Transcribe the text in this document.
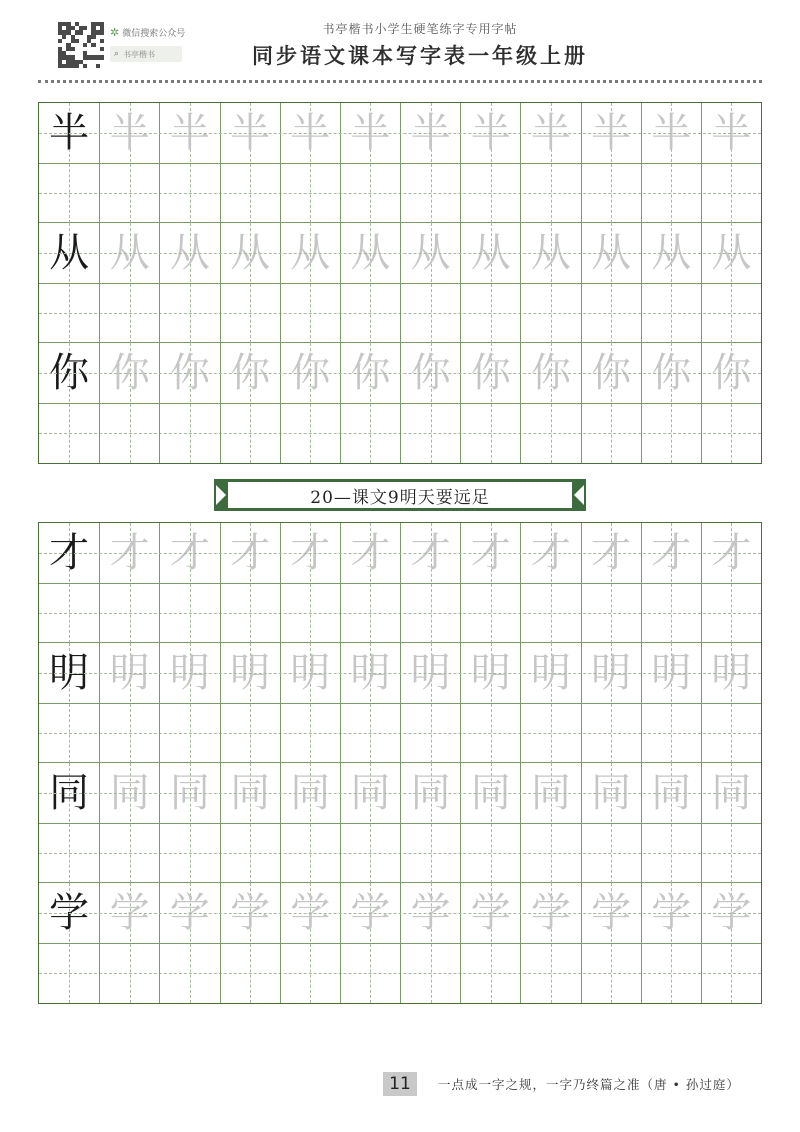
✲ 微信搜索公众号
⌕ 书亭楷书
书亭楷书小学生硬笔练字专用字帖
同步语文课本写字表一年级上册
半 半 半 半 半 半 半 半 半 半 半 半
从 从 从 从 从 从 从 从 从 从 从 从
你 你 你 你 你 你 你 你 你 你 你 你
20—课文9明天要远足
才 才 才 才 才 才 才 才 才 才 才 才
明 明 明 明 明 明 明 明 明 明 明 明
同 同 同 同 同 同 同 同 同 同 同 同
学 学 学 学 学 学 学 学 学 学 学 学
11	一点成一字之规，一字乃终篇之准（唐 • 孙过庭）
